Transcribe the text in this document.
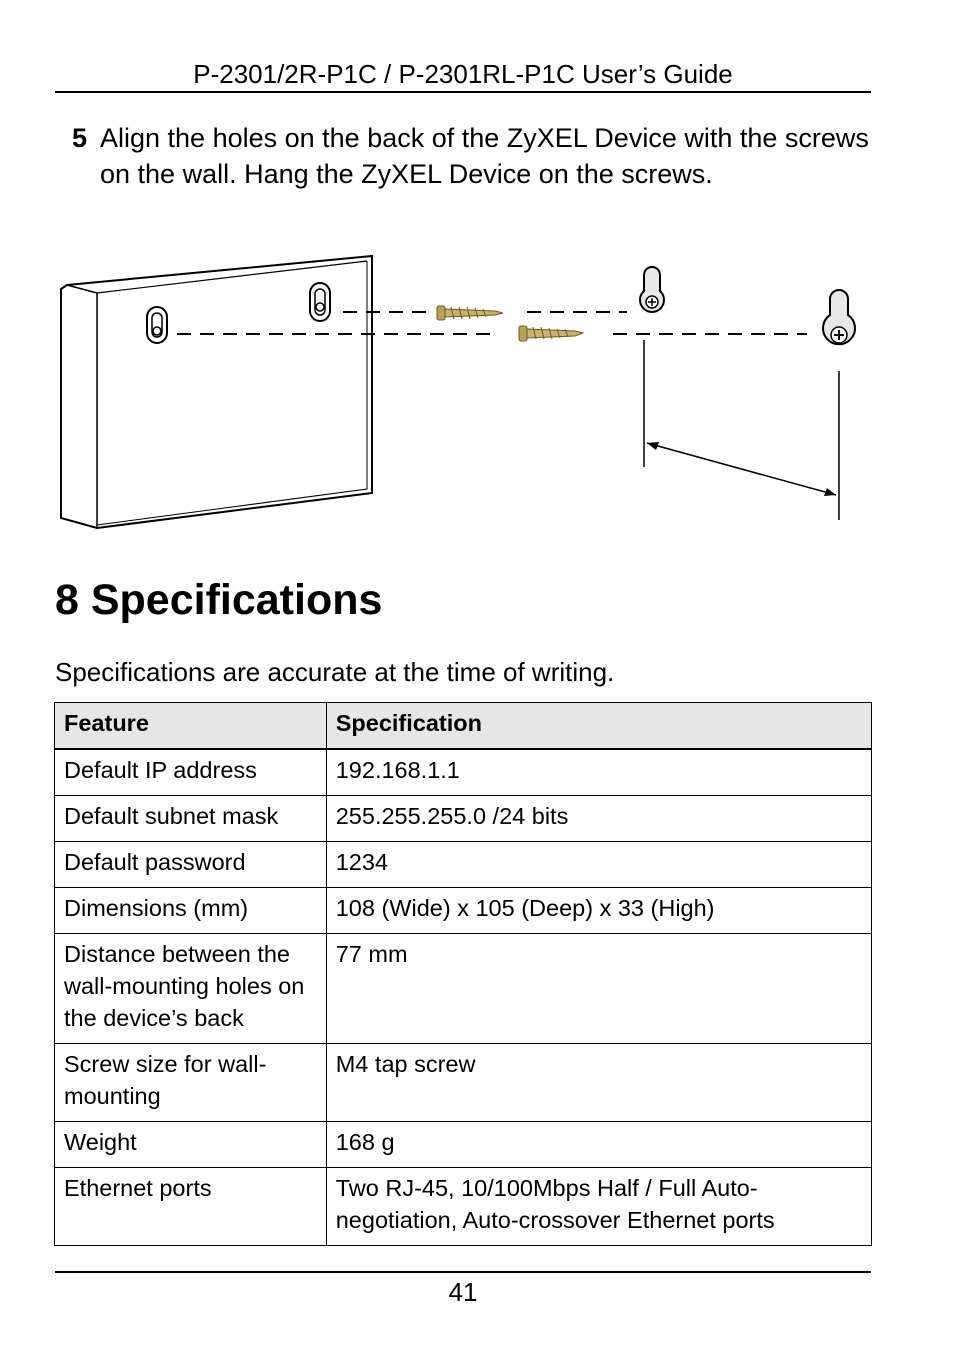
P-2301/2R-P1C / P-2301RL-P1C User’s Guide
5 Align the holes on the back of the ZyXEL Device with the screws on the wall. Hang the ZyXEL Device on the screws.
8 Specifications
Specifications are accurate at the time of writing.
Feature	Specification
Default IP address	192.168.1.1
Default subnet mask	255.255.255.0 /24 bits
Default password	1234
Dimensions (mm)	108 (Wide) x 105 (Deep) x 33 (High)
Distance between the wall-mounting holes on the device’s back	77 mm
Screw size for wall-mounting	M4 tap screw
Weight	168 g
Ethernet ports	Two RJ-45, 10/100Mbps Half / Full Auto-negotiation, Auto-crossover Ethernet ports
41
